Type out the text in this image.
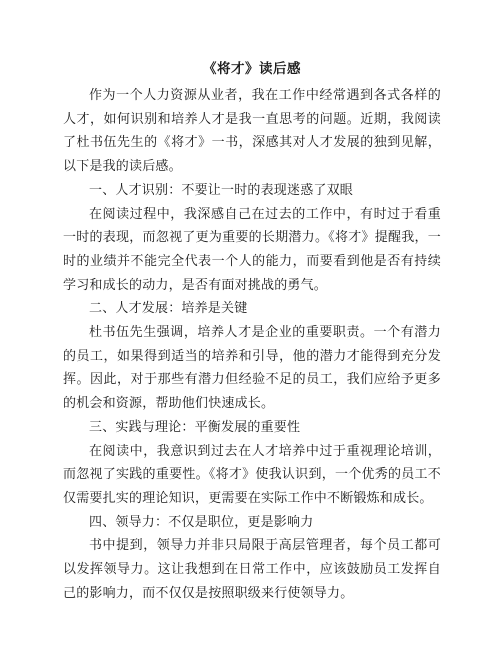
《将才》读后感

作为一个人力资源从业者，我在工作中经常遇到各式各样的人才，如何识别和培养人才是我一直思考的问题。近期，我阅读了杜书伍先生的《将才》一书，深感其对人才发展的独到见解，以下是我的读后感。

一、人才识别：不要让一时的表现迷惑了双眼

在阅读过程中，我深感自己在过去的工作中，有时过于看重一时的表现，而忽视了更为重要的长期潜力。《将才》提醒我，一时的业绩并不能完全代表一个人的能力，而要看到他是否有持续学习和成长的动力，是否有面对挑战的勇气。

二、人才发展：培养是关键

杜书伍先生强调，培养人才是企业的重要职责。一个有潜力的员工，如果得到适当的培养和引导，他的潜力才能得到充分发挥。因此，对于那些有潜力但经验不足的员工，我们应给予更多的机会和资源，帮助他们快速成长。

三、实践与理论：平衡发展的重要性

在阅读中，我意识到过去在人才培养中过于重视理论培训，而忽视了实践的重要性。《将才》使我认识到，一个优秀的员工不仅需要扎实的理论知识，更需要在实际工作中不断锻炼和成长。

四、领导力：不仅是职位，更是影响力

书中提到，领导力并非只局限于高层管理者，每个员工都可以发挥领导力。这让我想到在日常工作中，应该鼓励员工发挥自己的影响力，而不仅仅是按照职级来行使领导力。
